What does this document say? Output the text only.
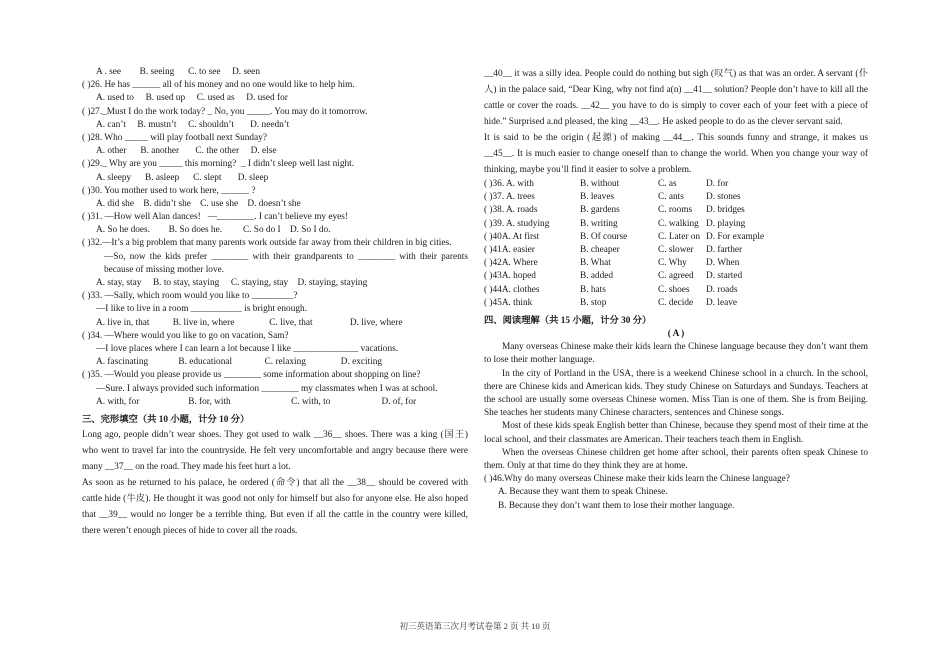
A . see        B. seeing      C. to see     D. seen
( )26. He has ______ all of his money and no one would like to help him.
A. used to     B. used up     C. used as     D. used for
( )27._Must I do the work today? _ No, you _____. You may do it tomorrow.
A. can’t     B. mustn’t     C. shouldn’t       D. needn’t
( )28. Who _____ will play football next Sunday?
A. other      B. another       C. the other     D. else
( )29._ Why are you _____ this morning?  _ I didn’t sleep well last night.
A. sleepy      B. asleep      C. slept       D. sleep
( )30. You mother used to work here, ______ ?
A. did she    B. didn’t she    C. use she    D. doesn’t she
( )31. —How well Alan dances!   —________. I can’t believe my eyes!
A. So he does.        B. So does he.         C. So do I    D. So I do.
( )32.—It’s a big problem that many parents work outside far away from their children in big cities.
—So, now the kids prefer ________ with their grandparents to ________ with their parents because of missing mother love.
A. stay, stay     B. to stay, staying     C. staying, stay    D. staying, staying
( )33. —Sally, which room would you like to _________?
—I like to live in a room ___________ is bright enough.
A. live in, that          B. live in, where               C. live, that                D. live, where
( )34. —Where would you like to go on vacation, Sam?
—I love places where I can learn a lot because I like ______________ vacations.
A. fascinating             B. educational              C. relaxing               D. exciting
( )35. —Would you please provide us ________ some information about shopping on line?
—Sure. I always provided such information ________ my classmates when I was at school.
A. with, for                     B. for, with                          C. with, to                      D. of, for
三、完形填空（共 10 小题，计分 10 分）
Long ago, people didn’t wear shoes. They got used to walk __36__ shoes. There was a king (国王) who went to travel far into the countryside. He felt very uncomfortable and angry because there were many __37__ on the road. They made his feet hurt a lot.
As soon as he returned to his palace, he ordered (命令) that all the __38__ should be covered with cattle hide (牛皮). He thought it was good not only for himself but also for anyone else. He also hoped that __39__ would no longer be a terrible thing. But even if all the cattle in the country were killed, there weren’t enough pieces of hide to cover all the roads.
__40__ it was a silly idea. People could do nothing but sigh (叹气) as that was an order. A servant (仆人) in the palace said, “Dear King, why not find a(n) __41__ solution? People don’t have to kill all the cattle or cover the roads. __42__ you have to do is simply to cover each of your feet with a piece of hide.” Surprised a.nd pleased, the king __43__. He asked people to do as the clever servant said.
It is said to be the origin (起源) of making __44__. This sounds funny and strange, it makes us __45__. It is much easier to change oneself than to change the world. When you change your way of thinking, maybe you’ll find it easier to solve a problem.
( )36. A. with	B. without	C. as	D. for
( )37. A. trees	B. leaves	C. ants	D. stones
( )38. A. roads	B. gardens	C. rooms	D. bridges
( )39. A. studying	B. writing	C. walking D. playing
( )40A. At first	B. Of course	C. Later on D. For example
( )41A. easier	B. cheaper	C. slower	D. farther
( )42A. Where	B. What	C. Why	D. When
( )43A. hoped	B. added	C. agreed	D. started
( )44A. clothes	B. hats	C. shoes	D. roads
( )45A. think	B. stop	C. decide	D. leave
四、阅读理解（共 15 小题，计分 30 分）
( A )
Many overseas Chinese make their kids learn the Chinese language because they don’t want them to lose their mother language.
In the city of Portland in the USA, there is a weekend Chinese school in a church. In the school, there are Chinese kids and American kids. They study Chinese on Saturdays and Sundays. Teachers at the school are usually some overseas Chinese women. Miss Tian is one of them. She is from Beijing. She teaches her students many Chinese characters, sentences and Chinese songs.
Most of these kids speak English better than Chinese, because they spend most of their time at the local school, and their classmates are American. Their teachers teach them in English.
When the overseas Chinese children get home after school, their parents often speak Chinese to them. Only at that time do they think they are at home.
( )46.Why do many overseas Chinese make their kids learn the Chinese language?
A. Because they want them to speak Chinese.
B. Because they don’t want them to lose their mother language.
初三英语第三次月考试卷第 2 页 共 10 页
